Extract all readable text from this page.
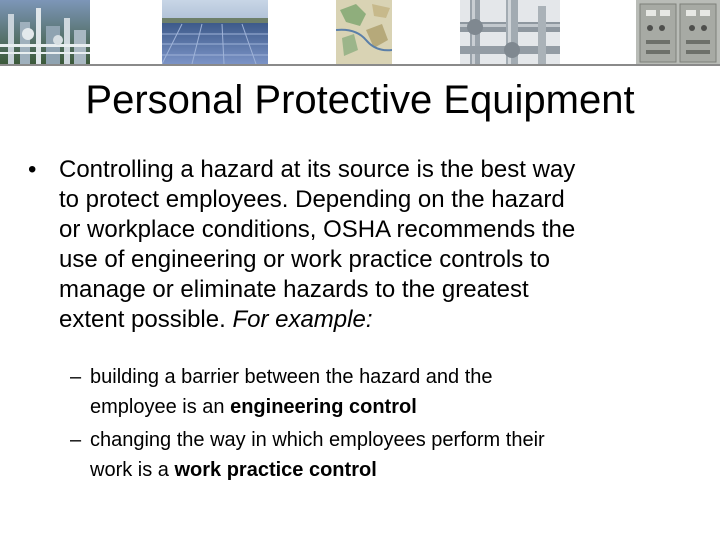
Personal Protective Equipment
• Controlling a hazard at its source is the best way
to protect employees. Depending on the hazard
or workplace conditions, OSHA recommends the
use of engineering or work practice controls to
manage or eliminate hazards to the greatest
extent possible. For example:
– building a barrier between the hazard and the
employee is an engineering control
– changing the way in which employees perform their
work is a work practice control
